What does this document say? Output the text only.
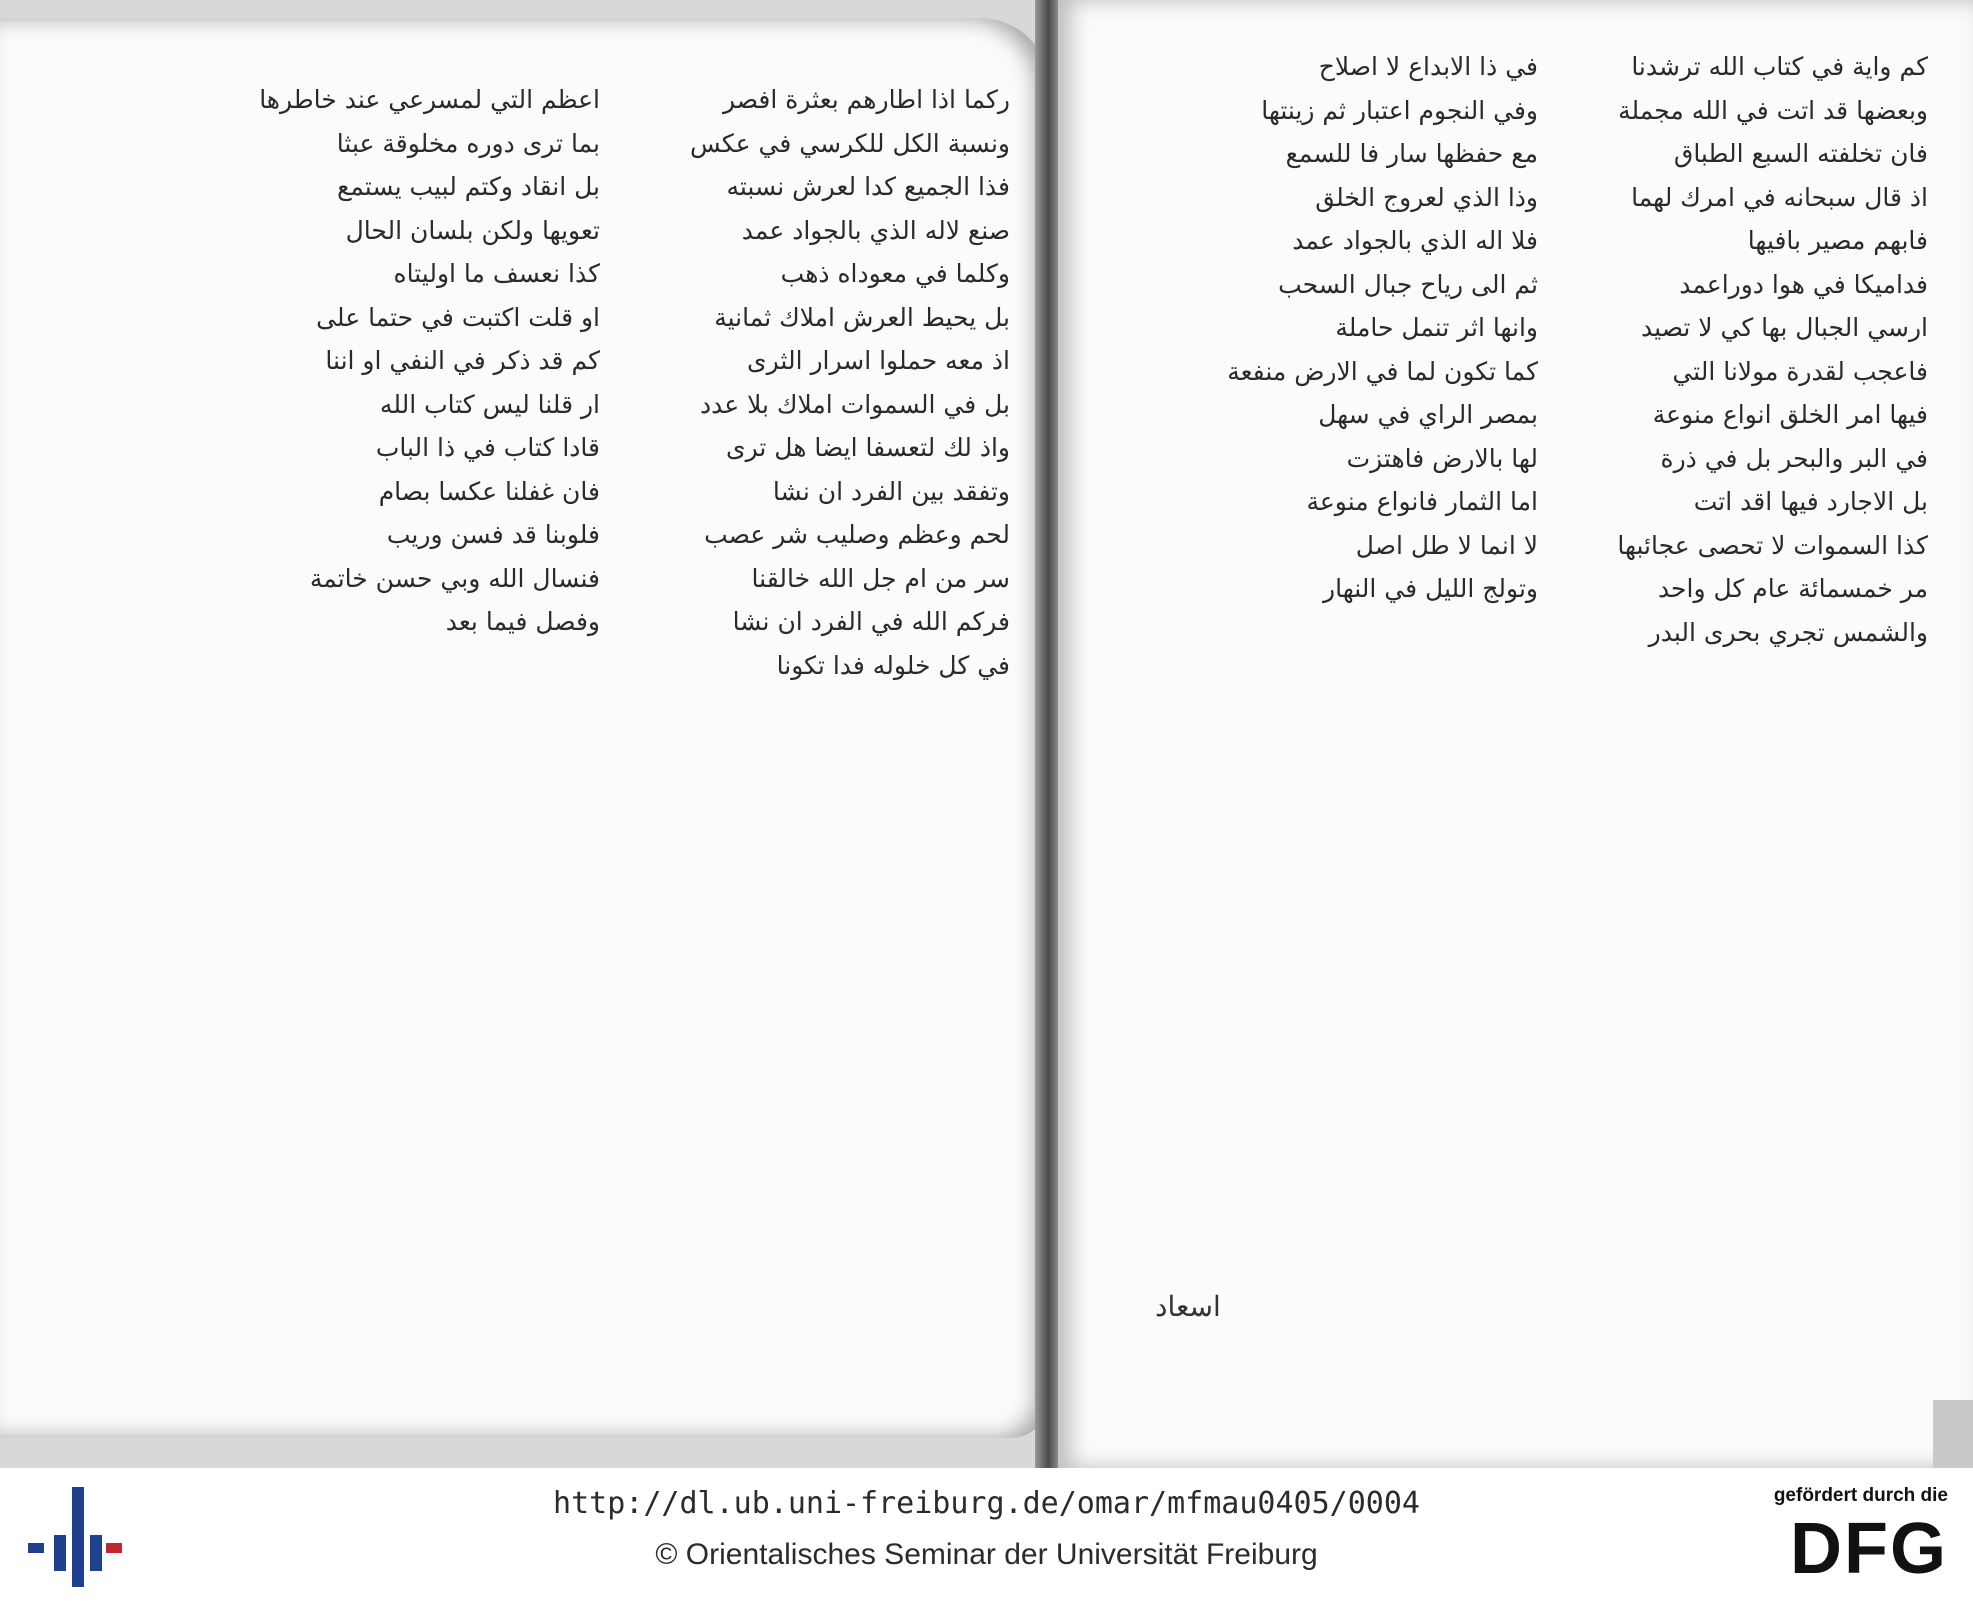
اعظم التي لمسرعي عند خاطرها
بما ترى دوره مخلوقة عبثا
بل انقاد وكتم لبيب يستمع
تعويها ولكن بلسان الحال
كذا نعسف ما اوليتاه
او قلت اكتبت في حتما على
كم قد ذكر في النفي او اننا
ار قلنا ليس كتاب الله
قادا كتاب في ذا الباب
فان غفلنا عكسا بصام
فلوبنا قد فسن وريب
فنسال الله وبي حسن خاتمة
وفصل فيما بعد
ركما اذا اطارهم بعثرة افصر
ونسبة الكل للكرسي في عكس
فذا الجميع كدا لعرش نسبته
صنع لاله الذي بالجواد عمد
وكلما في معوداه ذهب
بل يحيط العرش املاك ثمانية
اذ معه حملوا اسرار الثرى
بل في السموات املاك بلا عدد
واذ لك لتعسفا ايضا هل ترى
وتفقد بين الفرد ان نشا
لحم وعظم وصليب شر عصب
سر من ام جل الله خالقنا
فركم الله في الفرد ان نشا
في كل خلوله فدا تكونا
في ذا الابداع لا اصلاح
وفي النجوم اعتبار ثم زينتها
مع حفظها سار فا للسمع
وذا الذي لعروج الخلق
فلا اله الذي بالجواد عمد
ثم الى رياح جبال السحب
وانها اثر تنمل حاملة
كما تكون لما في الارض منفعة
بمصر الراي في سهل
لها بالارض فاهتزت
اما الثمار فانواع منوعة
لا انما لا طل اصل
وتولج الليل في النهار
كم واية في كتاب الله ترشدنا
وبعضها قد اتت في الله مجملة
فان تخلفته السبع الطباق
اذ قال سبحانه في امرك لهما
فابهم مصير بافيها
فداميكا في هوا دوراعمد
ارسي الجبال بها كي لا تصيد
فاعجب لقدرة مولانا التي
فيها امر الخلق انواع منوعة
في البر والبحر بل في ذرة
بل الاجارد فيها اقد اتت
كذا السموات لا تحصى عجائبها
مر خمسمائة عام كل واحد
والشمس تجري بحرى البدر
اسعاد
http://dl.ub.uni-freiburg.de/omar/mfmau0405/0004
© Orientalisches Seminar der Universität Freiburg
gefördert durch die
DFG
